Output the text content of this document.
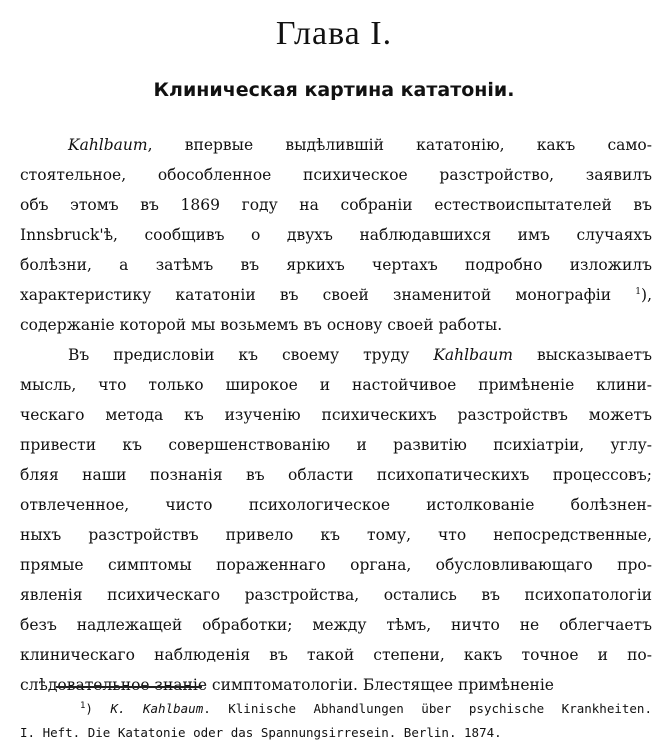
Глава I.
Клиническая картина кататоніи.
Kahlbaum, впервые выдѣлившій кататонію, какъ само-
стоятельное, обособленное психическое разстройство, заявилъ
объ этомъ въ 1869 году на собраніи естествоиспытателей въ
Innsbruck'ѣ, сообщивъ о двухъ наблюдавшихся имъ случаяхъ
болѣзни, а затѣмъ въ яркихъ чертахъ подробно изложилъ
характеристику кататоніи въ своей знаменитой монографіи $^1$),
содержаніе которой мы возьмемъ въ основу своей работы.
Въ предисловіи къ своему труду Kahlbaum высказываетъ
мысль, что только широкое и настойчивое примѣненіе клини-
ческаго метода къ изученію психическихъ разстройствъ можетъ
привести къ совершенствованію и развитію психіатріи, углу-
бляя наши познанія въ области психопатическихъ процессовъ;
отвлеченное, чисто психологическое истолкованіе болѣзнен-
ныхъ разстройствъ привело къ тому, что непосредственные,
прямые симптомы пораженнаго органа, обусловливающаго про-
явленія психическаго разстройства, остались въ психопатологіи
безъ надлежащей обработки; между тѣмъ, ничто не облегчаетъ
клиническаго наблюденія въ такой степени, какъ точное и по-
слѣдовательное знаніе симптоматологіи. Блестящее примѣненіе
$^1$) K. Kahlbaum. Klinische Abhandlungen über psychische Krankheiten.
I. Heft. Die Katatonie oder das Spannungsirresein. Berlin. 1874.
